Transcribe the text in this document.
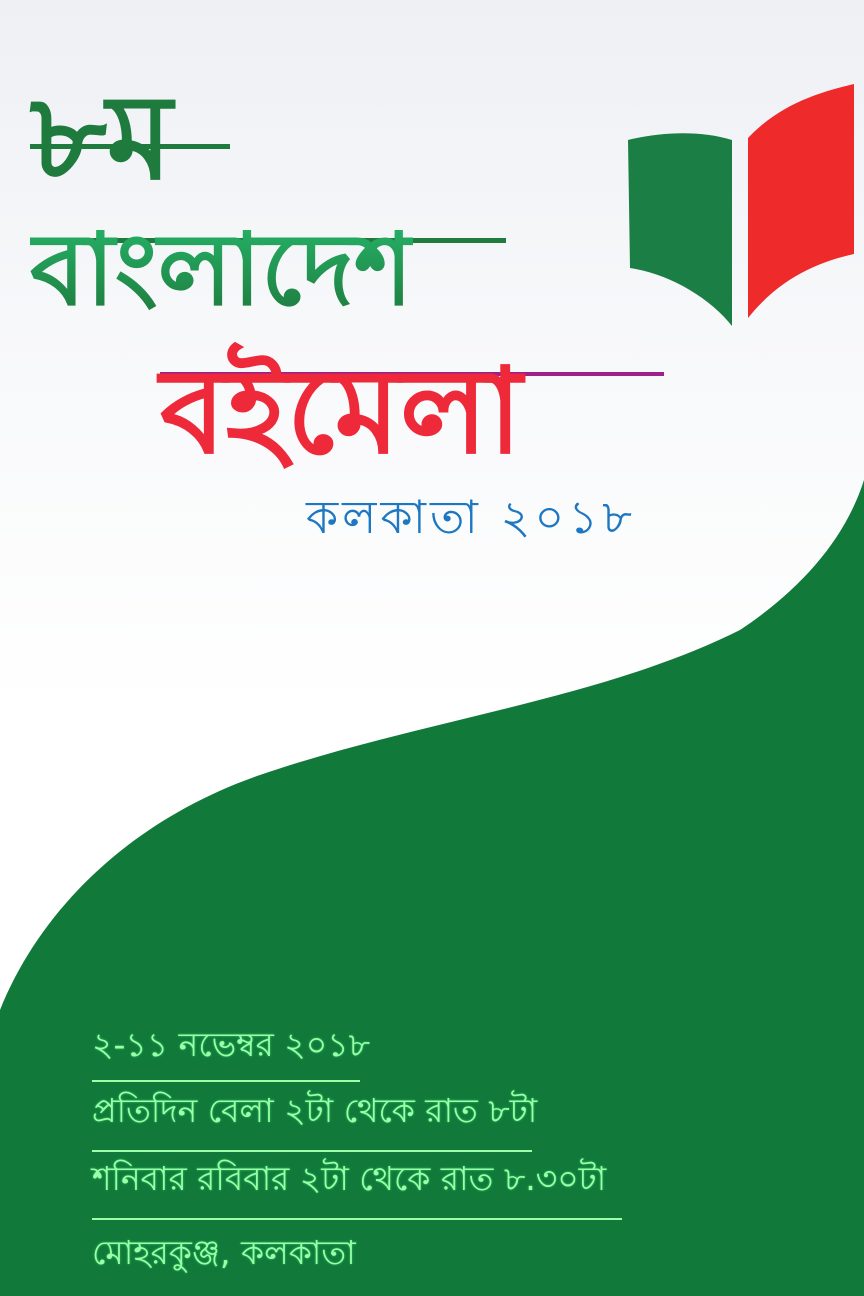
৮ম
বাংলাদেশ
বইমেলা
কলকাতা ২০১৮
২-১১ নভেম্বর ২০১৮
প্রতিদিন বেলা ২টা থেকে রাত ৮টা
শনিবার রবিবার ২টা থেকে রাত ৮.৩০টা
মোহরকুঞ্জ, কলকাতা
